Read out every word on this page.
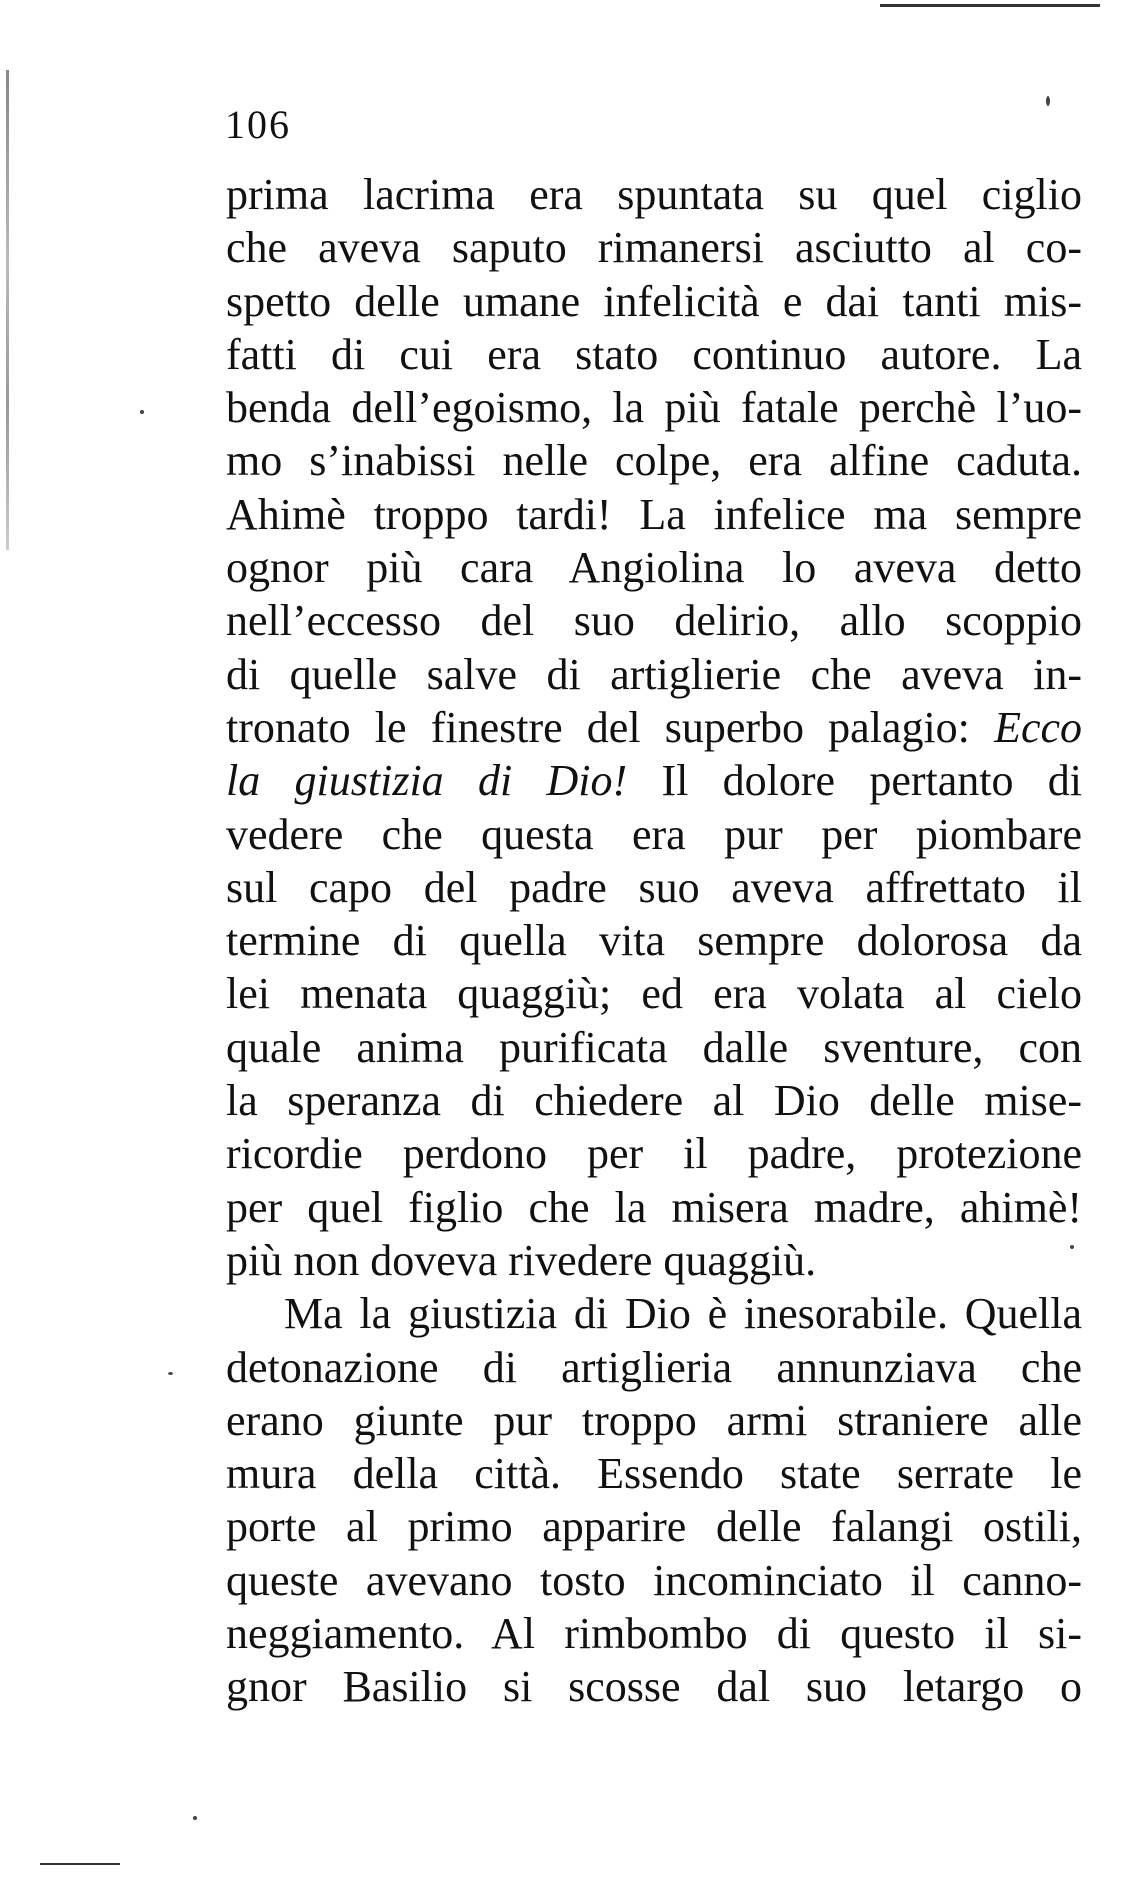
106
prima lacrima era spuntata su quel ciglio
che aveva saputo rimanersi asciutto al co-
spetto delle umane infelicità e dai tanti mis-
fatti di cui era stato continuo autore. La
benda dell’egoismo, la più fatale perchè l’uo-
mo s’inabissi nelle colpe, era alfine caduta.
Ahimè troppo tardi! La infelice ma sempre
ognor più cara Angiolina lo aveva detto
nell’eccesso del suo delirio, allo scoppio
di quelle salve di artiglierie che aveva in-
tronato le finestre del superbo palagio: Ecco
la giustizia di Dio! Il dolore pertanto di
vedere che questa era pur per piombare
sul capo del padre suo aveva affrettato il
termine di quella vita sempre dolorosa da
lei menata quaggiù; ed era volata al cielo
quale anima purificata dalle sventure, con
la speranza di chiedere al Dio delle mise-
ricordie perdono per il padre, protezione
per quel figlio che la misera madre, ahimè!
più non doveva rivedere quaggiù.
Ma la giustizia di Dio è inesorabile. Quella
detonazione di artiglieria annunziava che
erano giunte pur troppo armi straniere alle
mura della città. Essendo state serrate le
porte al primo apparire delle falangi ostili,
queste avevano tosto incominciato il canno-
neggiamento. Al rimbombo di questo il si-
gnor Basilio si scosse dal suo letargo o
